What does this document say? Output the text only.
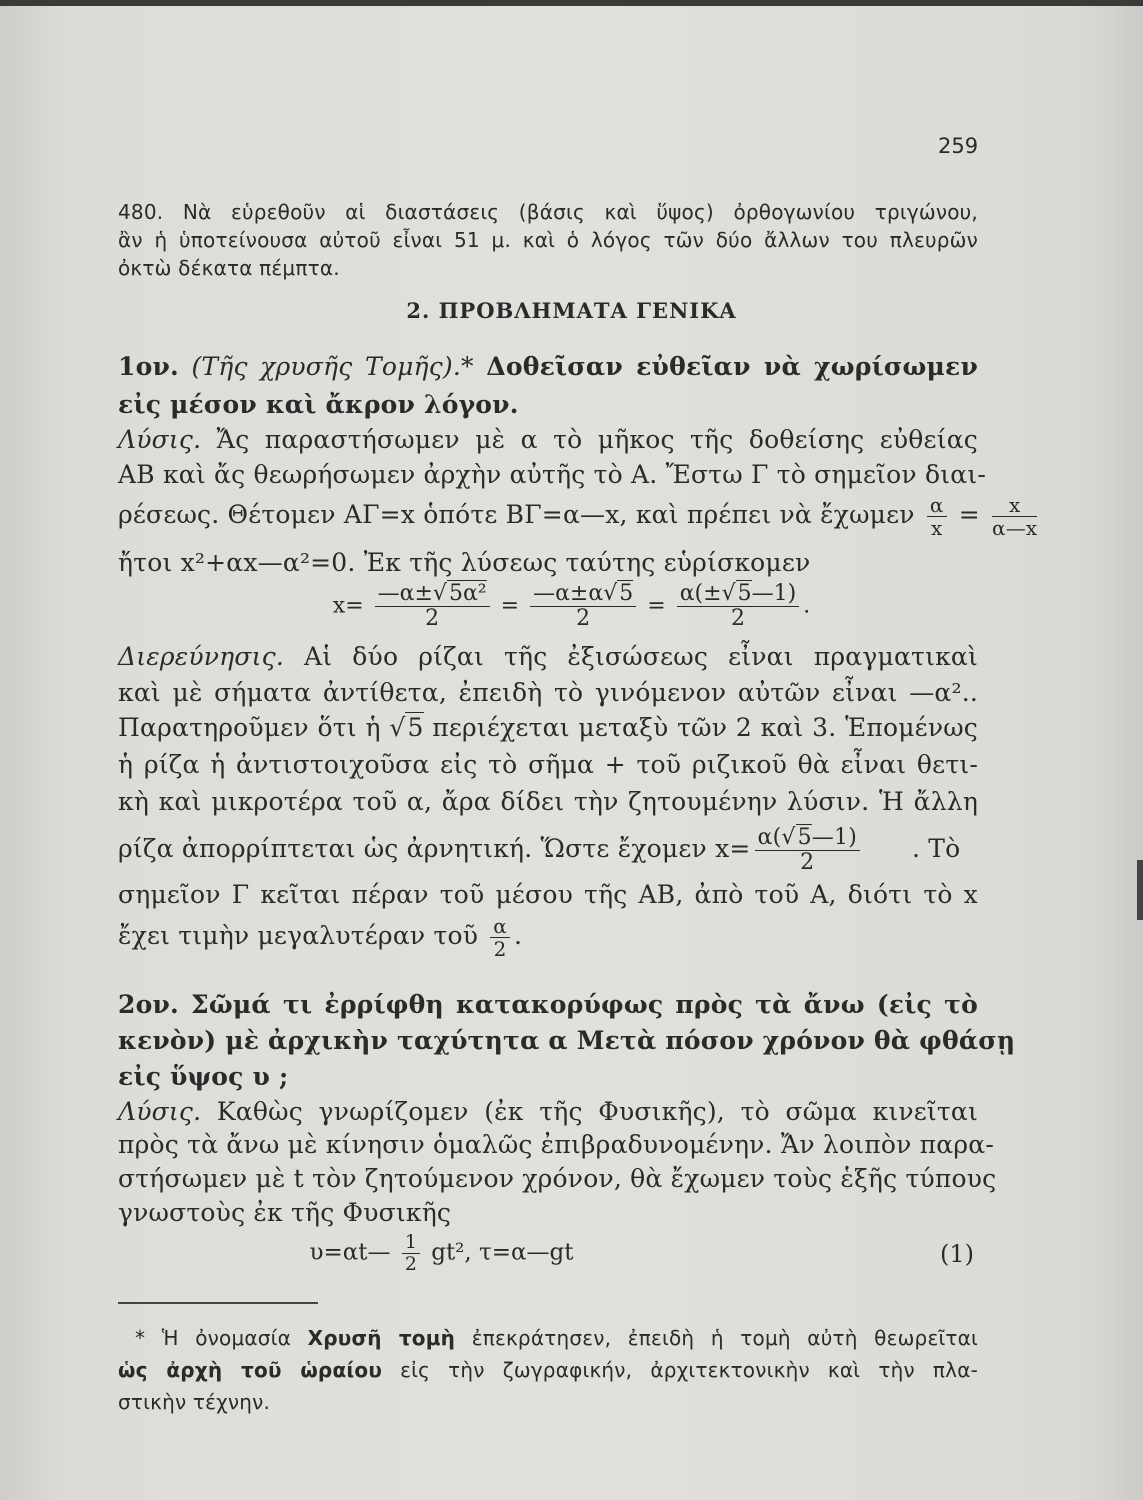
259
480. Νὰ εὑρεθοῦν αἱ διαστάσεις (βάσις καὶ ὕψος) ὀρθογωνίου τριγώνου,
ἂν ἡ ὑποτείνουσα αὐτοῦ εἶναι 51 μ. καὶ ὁ λόγος τῶν δύο ἄλλων του πλευρῶν
ὀκτὼ δέκατα πέμπτα.
2. ΠΡΟΒΛΗΜΑΤΑ ΓΕΝΙΚΑ
1ον. (Τῆς χρυσῆς Τομῆς).* Δοθεῖσαν εὐθεῖαν νὰ χωρίσωμεν
εἰς μέσον καὶ ἄκρον λόγον.
Λύσις. Ἄς παραστήσωμεν μὲ α τὸ μῆκος τῆς δοθείσης εὐθείας
ΑΒ καὶ ἄς θεωρήσωμεν ἀρχὴν αὐτῆς τὸ Α. Ἔστω Γ τὸ σημεῖον διαι-
ρέσεως. Θέτομεν ΑΓ=x ὁπότε ΒΓ=α—x, καὶ πρέπει νὰ ἔχωμεν $\frac{\alpha}{x} = \frac{x}{\alpha—x}$
ἤτοι x²+αx—α²=0. Ἐκ τῆς λύσεως ταύτης εὑρίσκομεν
$x= \frac{\text{—α±√5α²}}{2} = \frac{—\alpha\pm\alpha√5}{2} = \frac{\alpha(\pm√5—1)}{2}$ .
Διερεύνησις. Αἱ δύο ρίζαι τῆς ἐξισώσεως εἶναι πραγματικαὶ
καὶ μὲ σήματα ἀντίθετα, ἐπειδὴ τὸ γινόμενον αὐτῶν εἶναι —α²..
Παρατηροῦμεν ὅτι ἡ √5 περιέχεται μεταξὺ τῶν 2 καὶ 3. Ἑπομένως
ἡ ρίζα ἡ ἀντιστοιχοῦσα εἰς τὸ σῆμα + τοῦ ριζικοῦ θὰ εἶναι θετι-
κὴ καὶ μικροτέρα τοῦ α, ἄρα δίδει τὴν ζητουμένην λύσιν. Ἡ ἄλλη
ρίζα ἀπορρίπτεται ὡς ἀρνητική. Ὥστε ἔχομεν $x= \frac{\alpha(√5—1)}{2}$ . Τὸ
σημεῖον Γ κεῖται πέραν τοῦ μέσου τῆς ΑΒ, ἀπὸ τοῦ Α, διότι τὸ x
ἔχει τιμὴν μεγαλυτέραν τοῦ $\frac{\alpha}{2}$ .
2ον. Σῶμά τι ἐρρίφθη κατακορύφως πρὸς τὰ ἄνω (εἰς τὸ
κενὸν) μὲ ἀρχικὴν ταχύτητα α Μετὰ πόσον χρόνον θὰ φθάσῃ
εἰς ὕψος υ ;
Λύσις. Καθὼς γνωρίζομεν (ἐκ τῆς Φυσικῆς), τὸ σῶμα κινεῖται
πρὸς τὰ ἄνω μὲ κίνησιν ὁμαλῶς ἐπιβραδυνομένην. Ἄν λοιπὸν παρα-
στήσωμεν μὲ t τὸν ζητούμενον χρόνον, θὰ ἔχωμεν τοὺς ἑξῆς τύπους
γνωστοὺς ἐκ τῆς Φυσικῆς
υ=αt— $\frac{1}{2} gt^2$, τ=α—gt	(1)
* Ἡ ὀνομασία Χρυσῆ τομὴ ἐπεκράτησεν, ἐπειδὴ ἡ τομὴ αὐτὴ θεωρεῖται
ὡς ἀρχὴ τοῦ ὡραίου εἰς τὴν ζωγραφικήν, ἀρχιτεκτονικὴν καὶ τὴν πλα-
στικὴν τέχνην.
